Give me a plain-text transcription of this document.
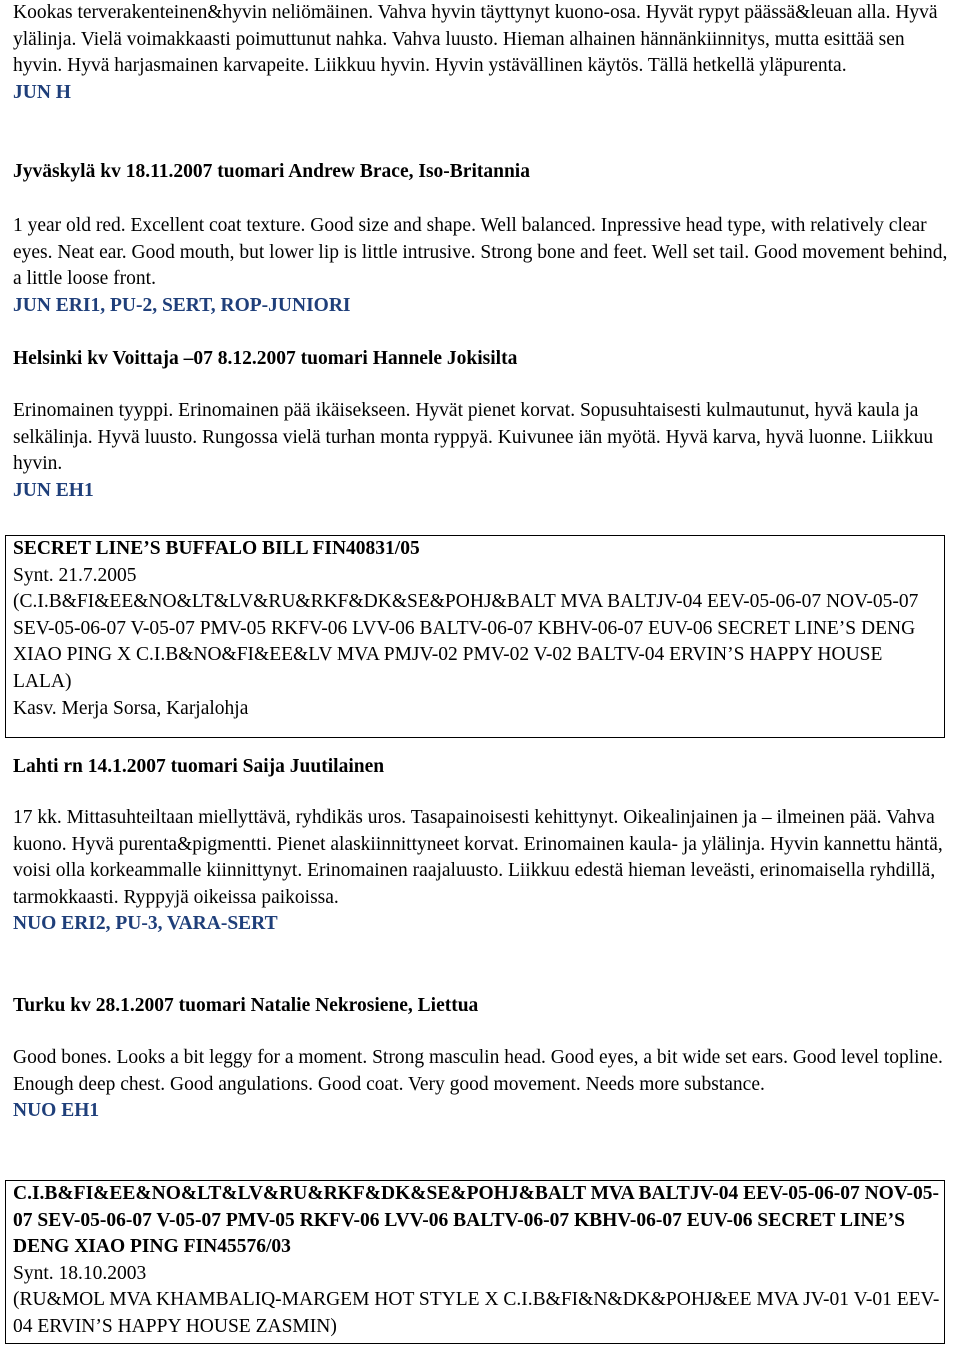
Kookas terverakenteinen&hyvin neliömäinen. Vahva hyvin täyttynyt kuono-osa. Hyvät rypyt päässä&leuan alla. Hyvä ylälinja. Vielä voimakkaasti poimuttunut nahka. Vahva luusto. Hieman alhainen hännänkiinnitys, mutta esittää sen hyvin. Hyvä harjasmainen karvapeite. Liikkuu hyvin. Hyvin ystävällinen käytös. Tällä hetkellä yläpurenta.

JUN H

Jyväskylä kv 18.11.2007 tuomari Andrew Brace, Iso-Britannia

1 year old red. Excellent coat texture. Good size and shape. Well balanced. Inpressive head type, with relatively clear eyes. Neat ear. Good mouth, but lower lip is little intrusive. Strong bone and feet. Well set tail. Good movement behind, a little loose front.

JUN ERI1, PU-2, SERT, ROP-JUNIORI

Helsinki kv Voittaja –07 8.12.2007 tuomari Hannele Jokisilta

Erinomainen tyyppi. Erinomainen pää ikäisekseen. Hyvät pienet korvat. Sopusuhtaisesti kulmautunut, hyvä kaula ja selkälinja. Hyvä luusto. Rungossa vielä turhan monta ryppyä. Kuivunee iän myötä. Hyvä karva, hyvä luonne. Liikkuu hyvin.

JUN EH1

SECRET LINE’S BUFFALO BILL FIN40831/05

Synt. 21.7.2005

(C.I.B&FI&EE&NO&LT&LV&RU&RKF&DK&SE&POHJ&BALT MVA BALTJV-04 EEV-05-06-07 NOV-05-07 SEV-05-06-07 V-05-07 PMV-05 RKFV-06 LVV-06 BALTV-06-07 KBHV-06-07 EUV-06 SECRET LINE’S DENG XIAO PING X C.I.B&NO&FI&EE&LV MVA PMJV-02 PMV-02 V-02 BALTV-04 ERVIN’S HAPPY HOUSE LALA)

Kasv. Merja Sorsa, Karjalohja

Lahti rn 14.1.2007 tuomari Saija Juutilainen

17 kk. Mittasuhteiltaan miellyttävä, ryhdikäs uros. Tasapainoisesti kehittynyt. Oikealinjainen ja – ilmeinen pää. Vahva kuono. Hyvä purenta&pigmentti. Pienet alaskiinnittyneet korvat. Erinomainen kaula- ja ylälinja. Hyvin kannettu häntä, voisi olla korkeammalle kiinnittynyt. Erinomainen raajaluusto. Liikkuu edestä hieman leveästi, erinomaisella ryhdillä, tarmokkaasti. Ryppyjä oikeissa paikoissa.

NUO ERI2, PU-3, VARA-SERT

Turku kv 28.1.2007 tuomari Natalie Nekrosiene, Liettua

Good bones. Looks a bit leggy for a moment. Strong masculin head. Good eyes, a bit wide set ears. Good level topline. Enough deep chest. Good angulations. Good coat. Very good movement. Needs more substance.

NUO EH1

C.I.B&FI&EE&NO&LT&LV&RU&RKF&DK&SE&POHJ&BALT MVA BALTJV-04 EEV-05-06-07 NOV-05-07 SEV-05-06-07 V-05-07 PMV-05 RKFV-06 LVV-06 BALTV-06-07 KBHV-06-07 EUV-06 SECRET LINE’S DENG XIAO PING FIN45576/03

Synt. 18.10.2003

(RU&MOL MVA KHAMBALIQ-MARGEM HOT STYLE X C.I.B&FI&N&DK&POHJ&EE MVA JV-01 V-01 EEV-04 ERVIN’S HAPPY HOUSE ZASMIN)
